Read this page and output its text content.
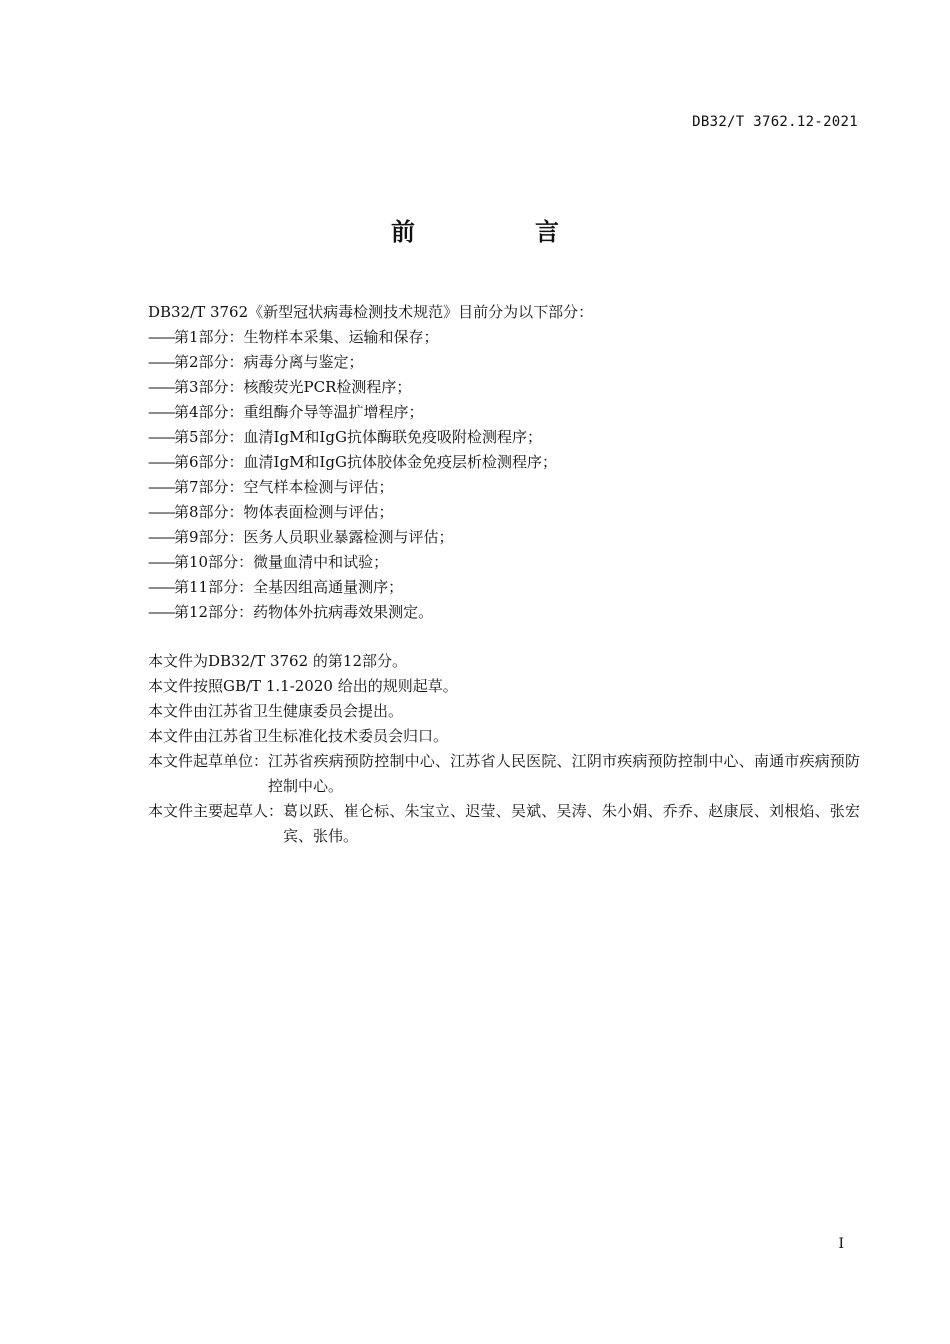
DB32/T 3762.12-2021
前　言
DB32/T 3762《新型冠状病毒检测技术规范》目前分为以下部分：
——第1部分：生物样本采集、运输和保存；
——第2部分：病毒分离与鉴定；
——第3部分：核酸荧光PCR检测程序；
——第4部分：重组酶介导等温扩增程序；
——第5部分：血清IgM和IgG抗体酶联免疫吸附检测程序；
——第6部分：血清IgM和IgG抗体胶体金免疫层析检测程序；
——第7部分：空气样本检测与评估；
——第8部分：物体表面检测与评估；
——第9部分：医务人员职业暴露检测与评估；
——第10部分：微量血清中和试验；
——第11部分：全基因组高通量测序；
——第12部分：药物体外抗病毒效果测定。
本文件为DB32/T 3762 的第12部分。
本文件按照GB/T 1.1-2020 给出的规则起草。
本文件由江苏省卫生健康委员会提出。
本文件由江苏省卫生标准化技术委员会归口。
本文件起草单位： 江苏省疾病预防控制中心、江苏省人民医院、江阴市疾病预防控制中心、南通市疾病预防控制中心。
本文件主要起草人： 葛以跃、崔仑标、朱宝立、迟莹、吴斌、吴涛、朱小娟、乔乔、赵康辰、刘根焰、张宏宾、张伟。
I
